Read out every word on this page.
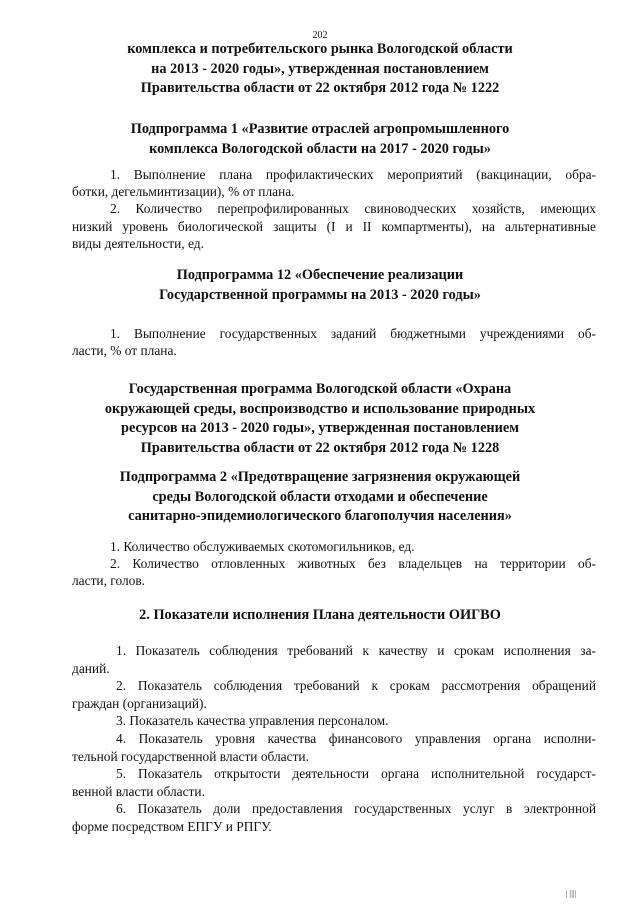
202
комплекса и потребительского рынка Вологодской области
на 2013 - 2020 годы», утвержденная постановлением
Правительства области от 22 октября 2012 года № 1222
Подпрограмма 1 «Развитие отраслей агропромышленного
комплекса Вологодской области на 2017 - 2020 годы»
1. Выполнение плана профилактических мероприятий (вакцинации, обра-
ботки, дегельминтизации), % от плана.
2. Количество перепрофилированных свиноводческих хозяйств, имеющих
низкий уровень биологической защиты (I и II компартменты), на альтернативные
виды деятельности, ед.
Подпрограмма 12 «Обеспечение реализации
Государственной программы на 2013 - 2020 годы»
1. Выполнение государственных заданий бюджетными учреждениями об-
ласти, % от плана.
Государственная программа Вологодской области «Охрана
окружающей среды, воспроизводство и использование природных
ресурсов на 2013 - 2020 годы», утвержденная постановлением
Правительства области от 22 октября 2012 года № 1228
Подпрограмма 2 «Предотвращение загрязнения окружающей
среды Вологодской области отходами и обеспечение
санитарно-эпидемиологического благополучия населения»
1. Количество обслуживаемых скотомогильников, ед.
2. Количество отловленных животных без владельцев на территории об-
ласти, голов.
2. Показатели исполнения Плана деятельности ОИГВО
1. Показатель соблюдения требований к качеству и срокам исполнения за-
даний.
2. Показатель соблюдения требований к срокам рассмотрения обращений
граждан (организаций).
3. Показатель качества управления персоналом.
4. Показатель уровня качества финансового управления органа исполни-
тельной государственной власти области.
5. Показатель открытости деятельности органа исполнительной государст-
венной власти области.
6. Показатель доли предоставления государственных услуг в электронной
форме посредством ЕПГУ и РПГУ.
| ||||
